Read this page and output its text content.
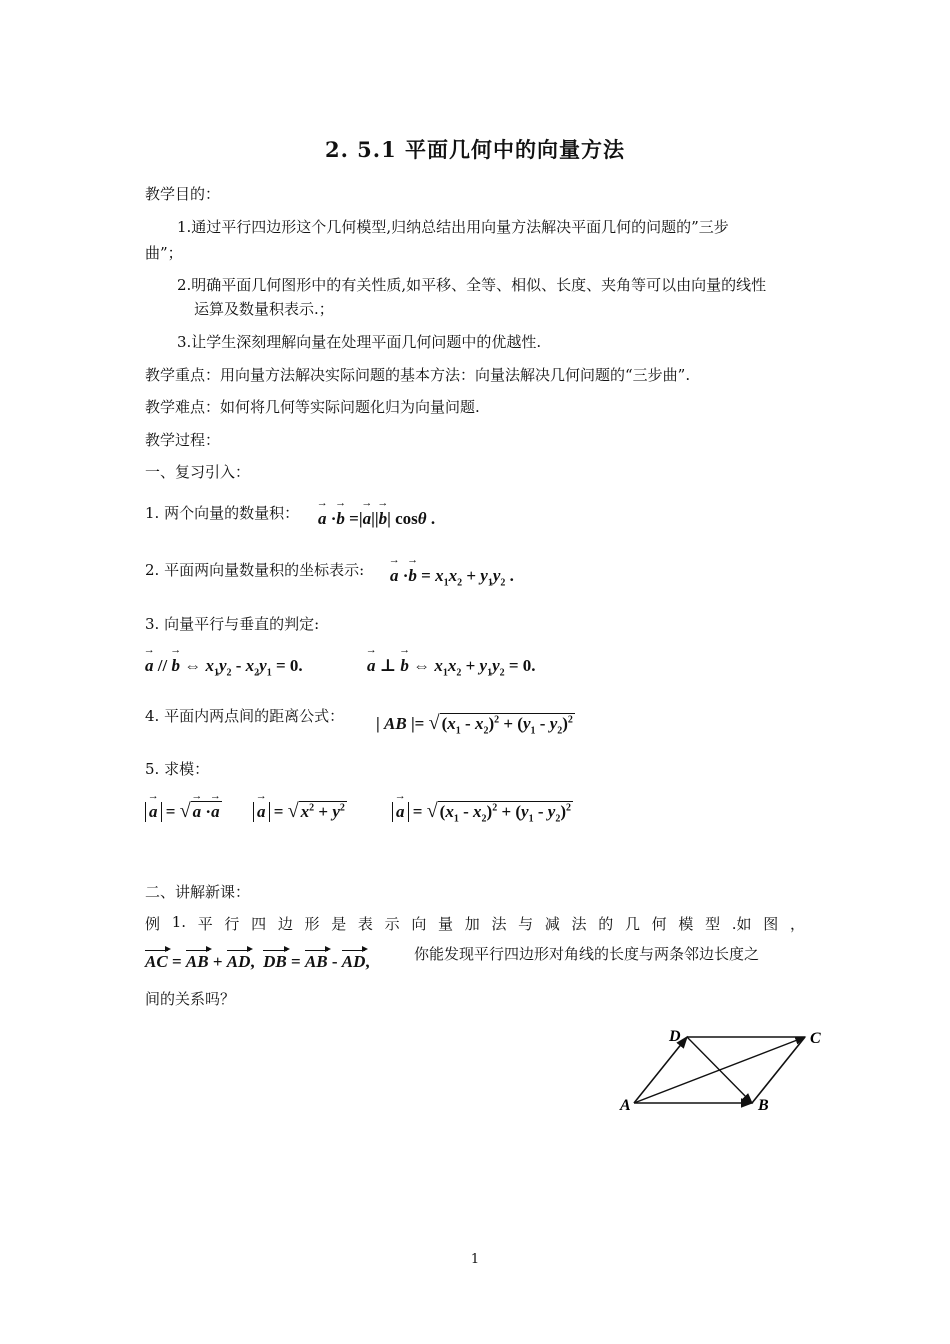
2. 5.1 平面几何中的向量方法
教学目的：
1.通过平行四边形这个几何模型,归纳总结出用向量方法解决平面几何的问题的”三步
曲”；
2.明确平面几何图形中的有关性质,如平移、全等、相似、长度、夹角等可以由向量的线性
运算及数量积表示.；
3.让学生深刻理解向量在处理平面几何问题中的优越性.
教学重点：用向量方法解决实际问题的基本方法：向量法解决几何问题的“三步曲”.
教学难点：如何将几何等实际问题化归为向量问题.
教学过程：
一、复习引入：
1. 两个向量的数量积： → a ·→ b =|→ a||→ b| cosθ .
2. 平面两向量数量积的坐标表示: → $a \cdot\to b = x_1x_2 + y_1y_2$ .
3. 向量平行与垂直的判定:
→ a // → b ⇔ $x_1y_2 - x_2y_1 = 0$.	→ a ⊥ → b ⇔ $x_1x_2 + y_1y_2 = 0$.
4. 平面内两点间的距离公式： | AB |= √ $(x_1 - x_2)^2 + (y_1 - y_2)^2$
5. 求模：
→ a = √ → a ·→ a → a = √ $x^2 + y^2$	→ a = √ $(x_1 - x_2)^2 + (y_1 - y_2)^2$
二、讲解新课：
例 1. 平 行 四 边 形 是 表 示 向 量 加 法 与 减 法 的 几 何 模 型 .如 图 ，
AC = AB + AD,  DB = AB - AD,	你能发现平行四边形对角线的长度与两条邻边长度之
间的关系吗？
A	B
C
D
1
